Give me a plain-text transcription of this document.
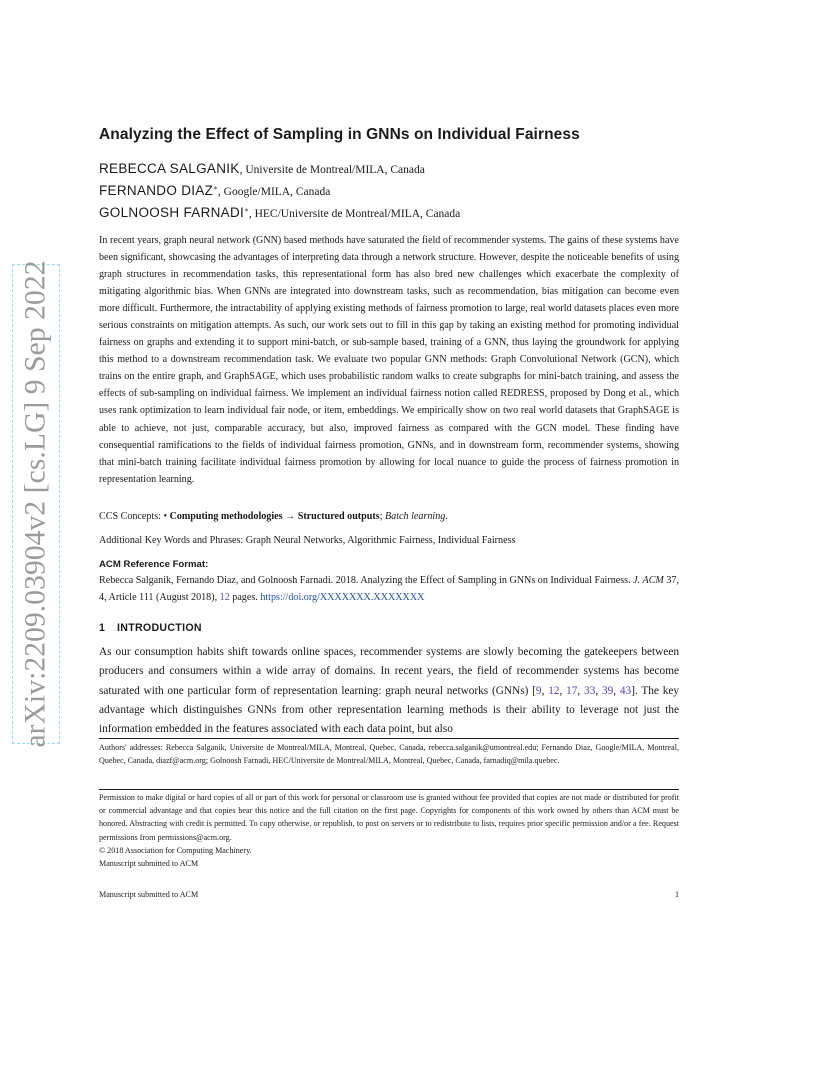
arXiv:2209.03904v2 [cs.LG] 9 Sep 2022
Analyzing the Effect of Sampling in GNNs on Individual Fairness
REBECCA SALGANIK, Universite de Montreal/MILA, Canada
FERNANDO DIAZ∗, Google/MILA, Canada
GOLNOOSH FARNADI∗, HEC/Universite de Montreal/MILA, Canada

In recent years, graph neural network (GNN) based methods have saturated the field of recommender systems. The gains of these systems have been significant, showcasing the advantages of interpreting data through a network structure. However, despite the noticeable benefits of using graph structures in recommendation tasks, this representational form has also bred new challenges which exacerbate the complexity of mitigating algorithmic bias. When GNNs are integrated into downstream tasks, such as recommendation, bias mitigation can become even more difficult. Furthermore, the intractability of applying existing methods of fairness promotion to large, real world datasets places even more serious constraints on mitigation attempts. As such, our work sets out to fill in this gap by taking an existing method for promoting individual fairness on graphs and extending it to support mini-batch, or sub-sample based, training of a GNN, thus laying the groundwork for applying this method to a downstream recommendation task. We evaluate two popular GNN methods: Graph Convolutional Network (GCN), which trains on the entire graph, and GraphSAGE, which uses probabilistic random walks to create subgraphs for mini-batch training, and assess the effects of sub-sampling on individual fairness. We implement an individual fairness notion called REDRESS, proposed by Dong et al., which uses rank optimization to learn individual fair node, or item, embeddings. We empirically show on two real world datasets that GraphSAGE is able to achieve, not just, comparable accuracy, but also, improved fairness as compared with the GCN model. These finding have consequential ramifications to the fields of individual fairness promotion, GNNs, and in downstream form, recommender systems, showing that mini-batch training facilitate individual fairness promotion by allowing for local nuance to guide the process of fairness promotion in representation learning.

CCS Concepts: • Computing methodologies → Structured outputs; Batch learning.

Additional Key Words and Phrases: Graph Neural Networks, Algorithmic Fairness, Individual Fairness

ACM Reference Format:

Rebecca Salganik, Fernando Diaz, and Golnoosh Farnadi. 2018. Analyzing the Effect of Sampling in GNNs on Individual Fairness. J. ACM 37, 4, Article 111 (August 2018), 12 pages. https://doi.org/XXXXXXX.XXXXXXX

1 INTRODUCTION

As our consumption habits shift towards online spaces, recommender systems are slowly becoming the gatekeepers between producers and consumers within a wide array of domains. In recent years, the field of recommender systems has become saturated with one particular form of representation learning: graph neural networks (GNNs) [9, 12, 17, 33, 39, 43]. The key advantage which distinguishes GNNs from other representation learning methods is their ability to leverage not just the information embedded in the features associated with each data point, but also

Authors' addresses: Rebecca Salganik, Universite de Montreal/MILA, Montreal, Quebec, Canada, rebecca.salganik@umontreal.edu; Fernando Diaz, Google/MILA, Montreal, Quebec, Canada, diazf@acm.org; Golnoosh Farnadi, HEC/Universite de Montreal/MILA, Montreal, Quebec, Canada, farnadiq@mila.quebec.

Permission to make digital or hard copies of all or part of this work for personal or classroom use is granted without fee provided that copies are not made or distributed for profit or commercial advantage and that copies bear this notice and the full citation on the first page. Copyrights for components of this work owned by others than ACM must be honored. Abstracting with credit is permitted. To copy otherwise, or republish, to post on servers or to redistribute to lists, requires prior specific permission and/or a fee. Request permissions from permissions@acm.org.
© 2018 Association for Computing Machinery.
Manuscript submitted to ACM

Manuscript submitted to ACM	1
